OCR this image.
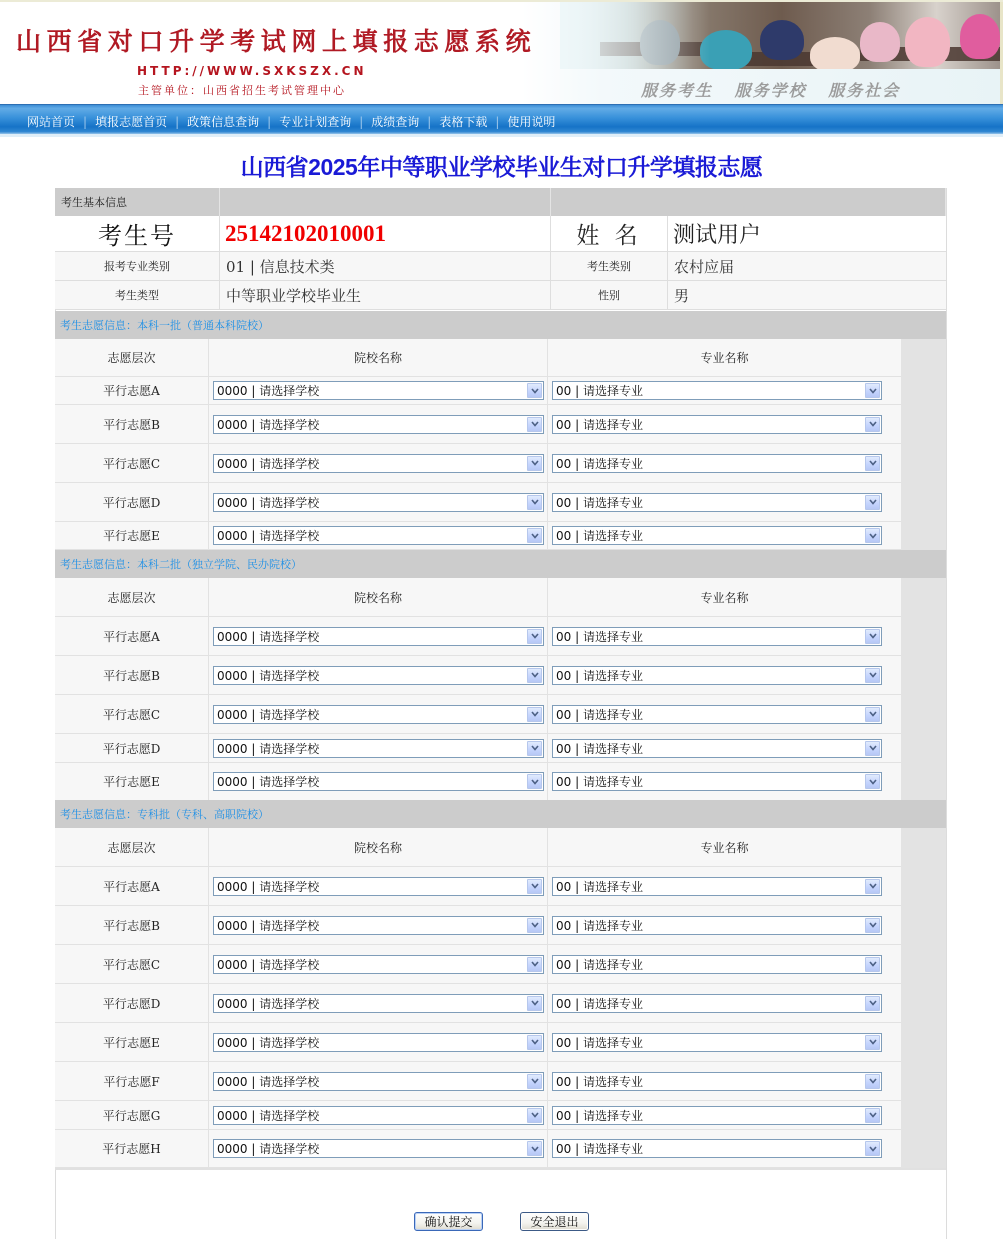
山西省对口升学考试网上填报志愿系统
HTTP://WWW.SXKSZX.CN
主管单位：山西省招生考试管理中心	服务考生 服务学校 服务社会
网站首页 | 填报志愿首页 | 政策信息查询 | 专业计划查询 | 成绩查询 | 表格下载 | 使用说明
山西省2025年中等职业学校毕业生对口升学填报志愿
考生基本信息
考生号	25142102010001	姓 名	测试用户
报考专业类别	01 | 信息技术类	考生类别	农村应届
考生类型	中等职业学校毕业生	性别	男
考生志愿信息：本科一批（普通本科院校）
志愿层次	院校名称	专业名称
平行志愿A	0000 | 请选择学校	00 | 请选择专业
平行志愿B	0000 | 请选择学校	00 | 请选择专业
平行志愿C	0000 | 请选择学校	00 | 请选择专业
平行志愿D	0000 | 请选择学校	00 | 请选择专业
平行志愿E	0000 | 请选择学校	00 | 请选择专业
考生志愿信息：本科二批（独立学院、民办院校）
志愿层次	院校名称	专业名称
平行志愿A	0000 | 请选择学校	00 | 请选择专业
平行志愿B	0000 | 请选择学校	00 | 请选择专业
平行志愿C	0000 | 请选择学校	00 | 请选择专业
平行志愿D	0000 | 请选择学校	00 | 请选择专业
平行志愿E	0000 | 请选择学校	00 | 请选择专业
考生志愿信息：专科批（专科、高职院校）
志愿层次	院校名称	专业名称
平行志愿A	0000 | 请选择学校	00 | 请选择专业
平行志愿B	0000 | 请选择学校	00 | 请选择专业
平行志愿C	0000 | 请选择学校	00 | 请选择专业
平行志愿D	0000 | 请选择学校	00 | 请选择专业
平行志愿E	0000 | 请选择学校	00 | 请选择专业
平行志愿F	0000 | 请选择学校	00 | 请选择专业
平行志愿G	0000 | 请选择学校	00 | 请选择专业
平行志愿H	0000 | 请选择学校	00 | 请选择专业
确认提交	安全退出
